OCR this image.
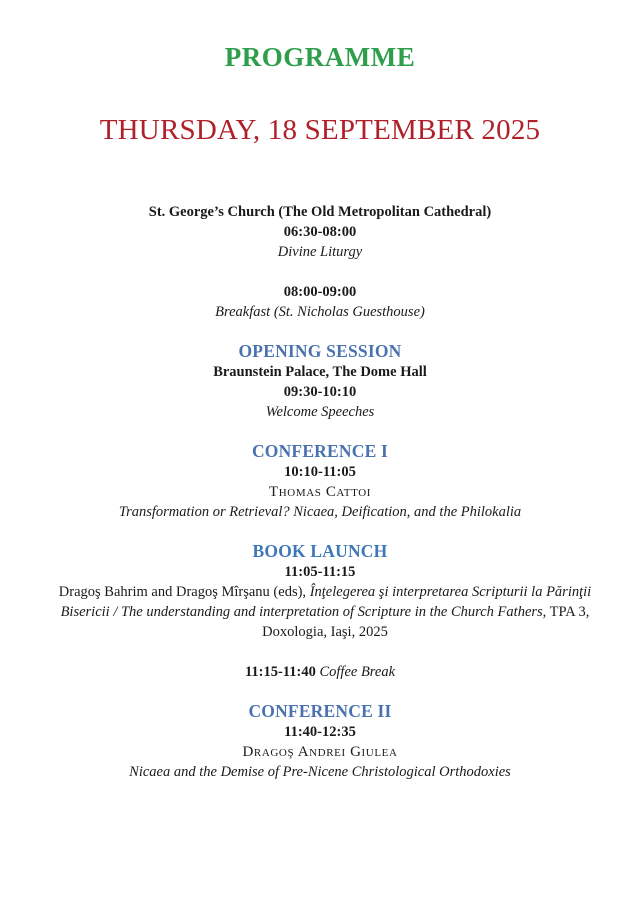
PROGRAMME
THURSDAY, 18 SEPTEMBER 2025
St. George’s Church (The Old Metropolitan Cathedral)
06:30-08:00
Divine Liturgy
08:00-09:00
Breakfast (St. Nicholas Guesthouse)
OPENING SESSION
Braunstein Palace, The Dome Hall
09:30-10:10
Welcome Speeches
CONFERENCE I
10:10-11:05
Thomas Cattoi
Transformation or Retrieval? Nicaea, Deification, and the Philokalia
BOOK LAUNCH
11:05-11:15
Dragoş Bahrim and Dragoş Mîrşanu (eds), Înţelegerea şi interpretarea Scripturii la Părinţii Bisericii / The understanding and interpretation of Scripture in the Church Fathers, TPA 3, Doxologia, Iaşi, 2025
11:15-11:40 Coffee Break
CONFERENCE II
11:40-12:35
Dragoş Andrei Giulea
Nicaea and the Demise of Pre-Nicene Christological Orthodoxies
